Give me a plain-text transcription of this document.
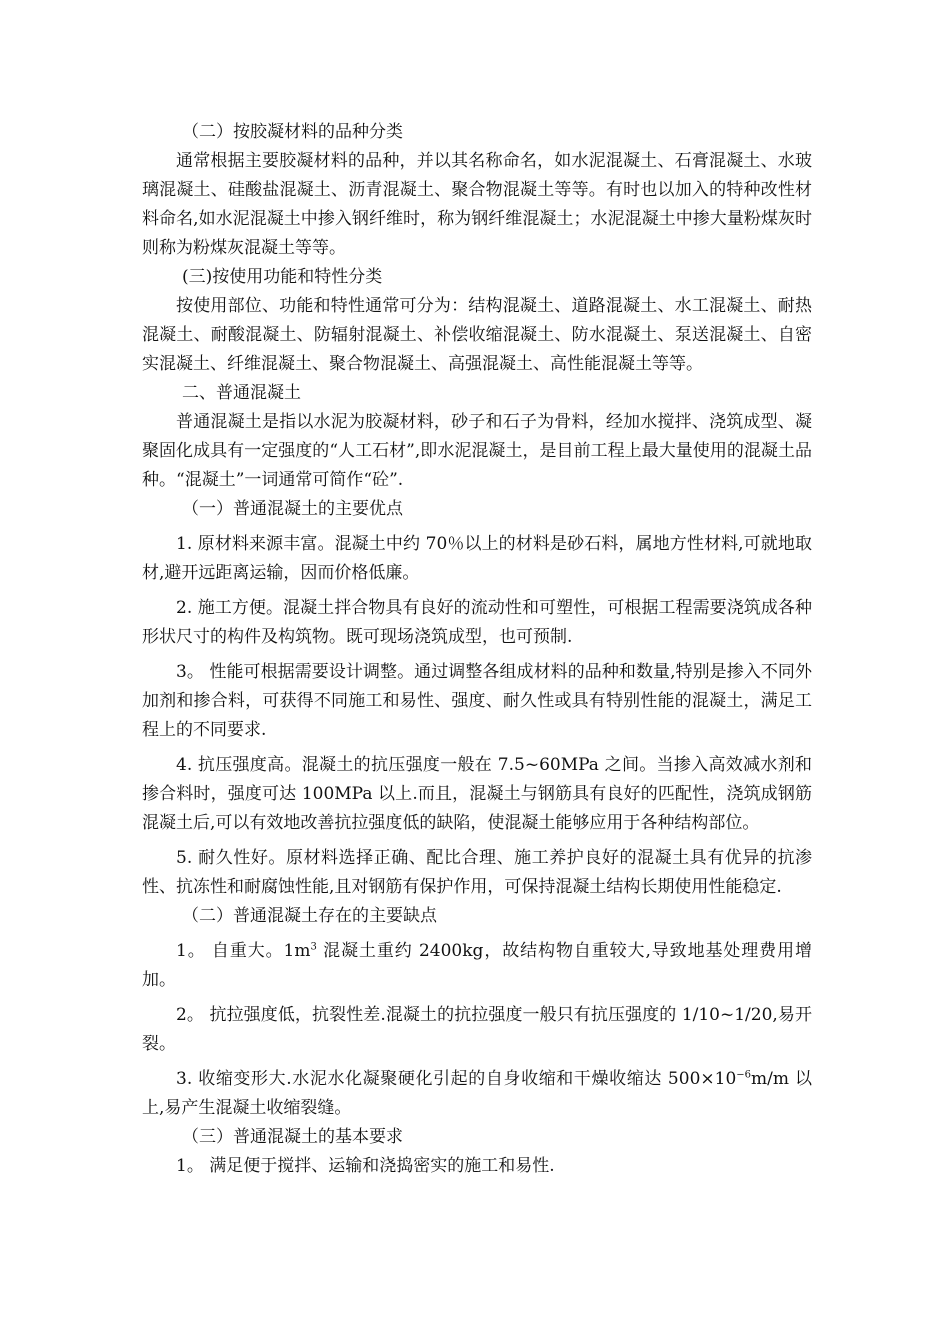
（二）按胶凝材料的品种分类

通常根据主要胶凝材料的品种，并以其名称命名，如水泥混凝土、石膏混凝土、水玻璃混凝土、硅酸盐混凝土、沥青混凝土、聚合物混凝土等等。有时也以加入的特种改性材料命名,如水泥混凝土中掺入钢纤维时，称为钢纤维混凝土；水泥混凝土中掺大量粉煤灰时则称为粉煤灰混凝土等等。

(三)按使用功能和特性分类

按使用部位、功能和特性通常可分为：结构混凝土、道路混凝土、水工混凝土、耐热混凝土、耐酸混凝土、防辐射混凝土、补偿收缩混凝土、防水混凝土、泵送混凝土、自密实混凝土、纤维混凝土、聚合物混凝土、高强混凝土、高性能混凝土等等。

二、普通混凝土

普通混凝土是指以水泥为胶凝材料，砂子和石子为骨料，经加水搅拌、浇筑成型、凝聚固化成具有一定强度的“人工石材”,即水泥混凝土，是目前工程上最大量使用的混凝土品种。“混凝土”一词通常可简作“砼”.

（一）普通混凝土的主要优点

1. 原材料来源丰富。混凝土中约 70％以上的材料是砂石料，属地方性材料,可就地取材,避开远距离运输，因而价格低廉。

2. 施工方便。混凝土拌合物具有良好的流动性和可塑性，可根据工程需要浇筑成各种形状尺寸的构件及构筑物。既可现场浇筑成型，也可预制.

3。 性能可根据需要设计调整。通过调整各组成材料的品种和数量,特别是掺入不同外加剂和掺合料，可获得不同施工和易性、强度、耐久性或具有特别性能的混凝土，满足工程上的不同要求.

4. 抗压强度高。混凝土的抗压强度一般在 7.5~60MPa 之间。当掺入高效减水剂和掺合料时，强度可达 100MPa 以上.而且，混凝土与钢筋具有良好的匹配性，浇筑成钢筋混凝土后,可以有效地改善抗拉强度低的缺陷，使混凝土能够应用于各种结构部位。

5. 耐久性好。原材料选择正确、配比合理、施工养护良好的混凝土具有优异的抗渗性、抗冻性和耐腐蚀性能,且对钢筋有保护作用，可保持混凝土结构长期使用性能稳定.

（二）普通混凝土存在的主要缺点

1。 自重大。$1m^3$ 混凝土重约 2400kg，故结构物自重较大,导致地基处理费用增加。

2。 抗拉强度低，抗裂性差.混凝土的抗拉强度一般只有抗压强度的 1/10~1/20,易开裂。

3. 收缩变形大.水泥水化凝聚硬化引起的自身收缩和干燥收缩达 $500\times 10^{-6}m/m$ 以上,易产生混凝土收缩裂缝。

（三）普通混凝土的基本要求

1。 满足便于搅拌、运输和浇捣密实的施工和易性.
